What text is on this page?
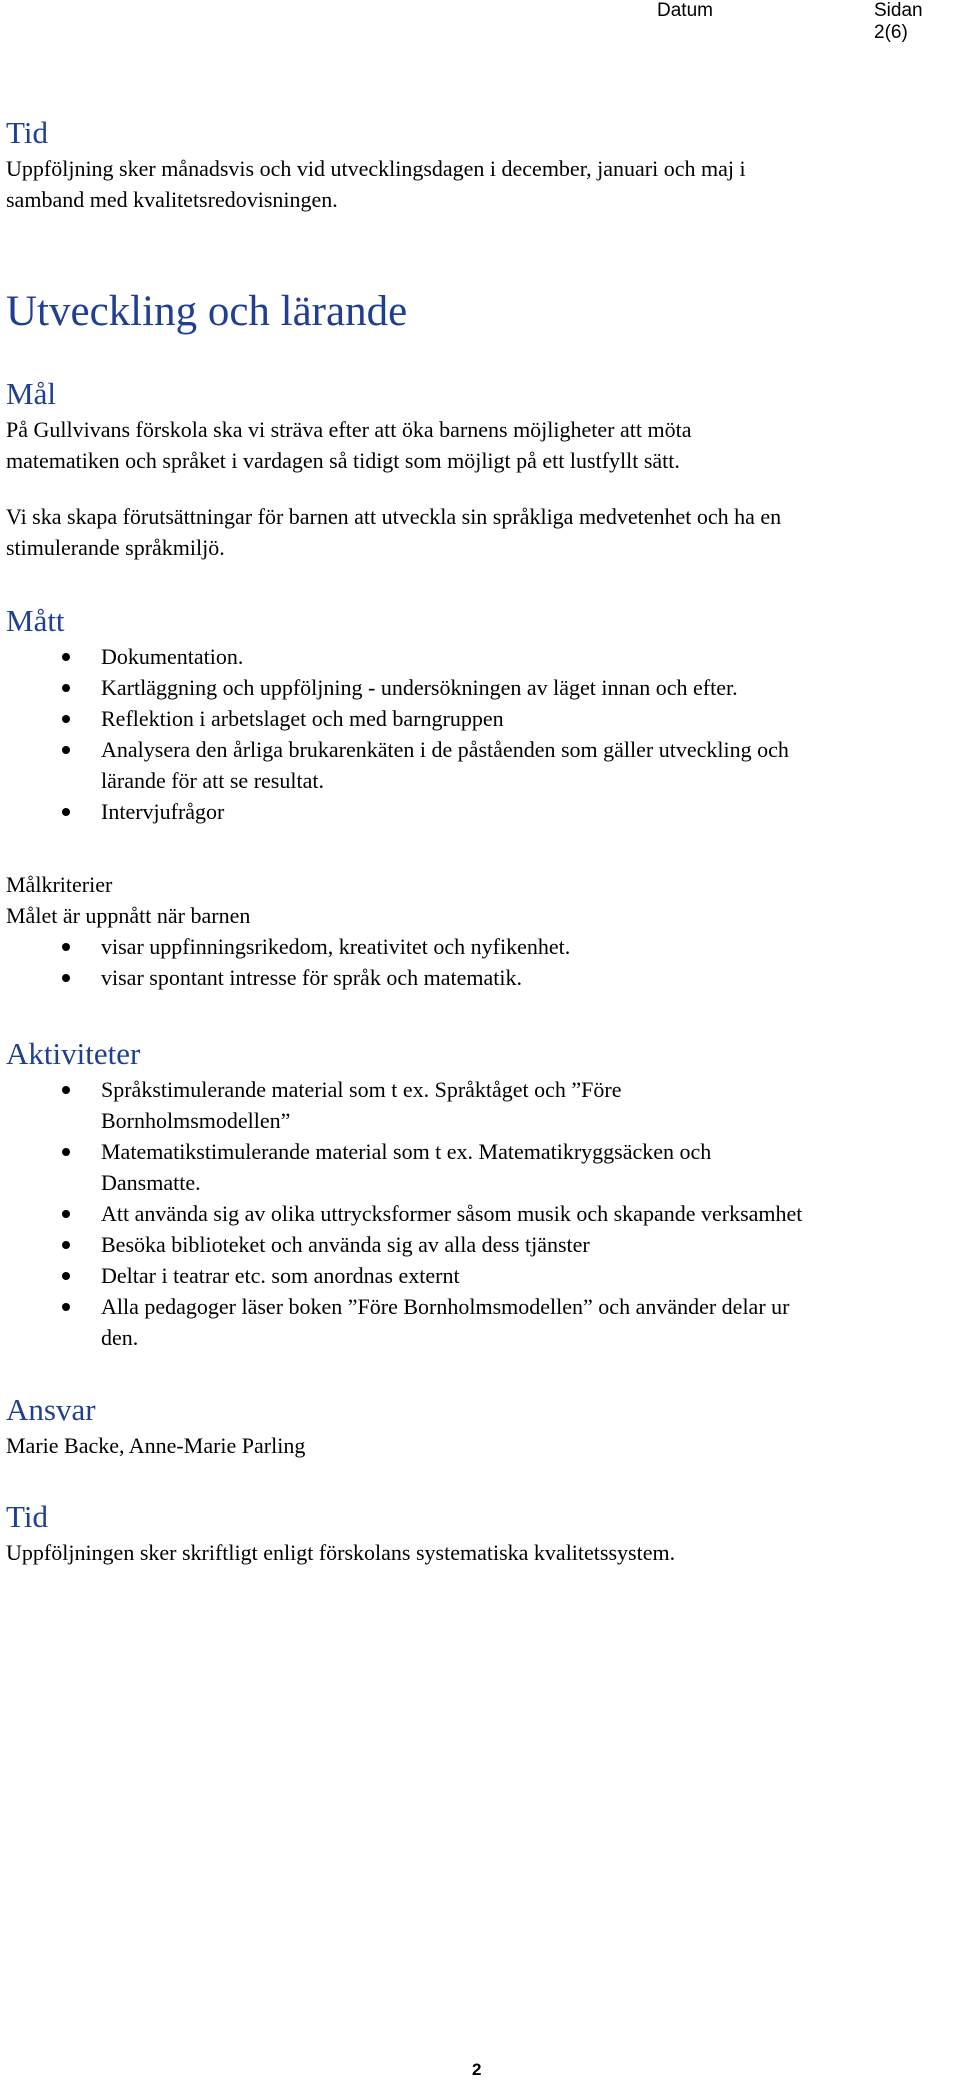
Datum	Sidan 2(6)
Tid

Uppföljning sker månadsvis och vid utvecklingsdagen i december, januari och maj i

samband med kvalitetsredovisningen.

Utveckling och lärande
Mål

På Gullvivans förskola ska vi sträva efter att öka barnens möjligheter att möta

matematiken och språket i vardagen så tidigt som möjligt på ett lustfyllt sätt.

Vi ska skapa förutsättningar för barnen att utveckla sin språkliga medvetenhet och ha en

stimulerande språkmiljö.

Mått
Dokumentation.
Kartläggning och uppföljning - undersökningen av läget innan och efter.
Reflektion i arbetslaget och med barngruppen
Analysera den årliga brukarenkäten i de påståenden som gäller utveckling och
lärande för att se resultat.
Intervjufrågor

Målkriterier

Målet är uppnått när barnen

visar uppfinningsrikedom, kreativitet och nyfikenhet.
visar spontant intresse för språk och matematik.
Aktiviteter
Språkstimulerande material som t ex. Språktåget och ”Före
Bornholmsmodellen”
Matematikstimulerande material som t ex. Matematikryggsäcken och
Dansmatte.
Att använda sig av olika uttrycksformer såsom musik och skapande verksamhet
Besöka biblioteket och använda sig av alla dess tjänster
Deltar i teatrar etc. som anordnas externt
Alla pedagoger läser boken ”Före Bornholmsmodellen” och använder delar ur
den.
Ansvar

Marie Backe, Anne-Marie Parling

Tid

Uppföljningen sker skriftligt enligt förskolans systematiska kvalitetssystem.

2
